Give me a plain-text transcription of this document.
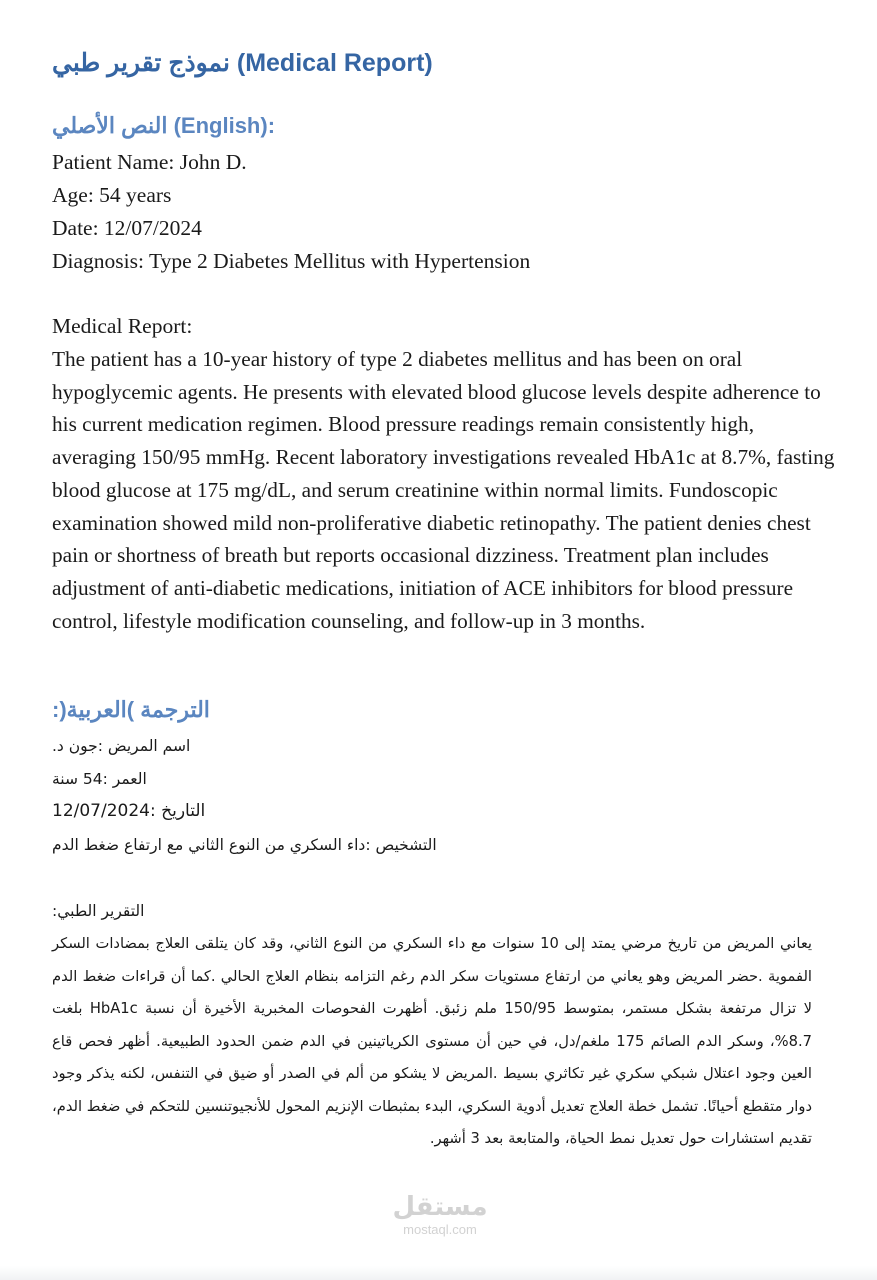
نموذج تقرير طبي (Medical Report)
النص الأصلي (English):

Patient Name: John D.

Age: 54 years

Date: 12/07/2024

Diagnosis: Type 2 Diabetes Mellitus with Hypertension

Medical Report:

The patient has a 10-year history of type 2 diabetes mellitus and has been on oral hypoglycemic agents. He presents with elevated blood glucose levels despite adherence to his current medication regimen. Blood pressure readings remain consistently high, averaging 150/95 mmHg. Recent laboratory investigations revealed HbA1c at 8.7%, fasting blood glucose at 175 mg/dL, and serum creatinine within normal limits. Fundoscopic examination showed mild non-proliferative diabetic retinopathy. The patient denies chest pain or shortness of breath but reports occasional dizziness. Treatment plan includes adjustment of anti-diabetic medications, initiation of ACE inhibitors for blood pressure control, lifestyle modification counseling, and follow-up in 3 months.

الترجمة )العربية(:

اسم المريض :جون د.

العمر :54 سنة

التاريخ :12/07/2024

التشخيص :داء السكري من النوع الثاني مع ارتفاع ضغط الدم

التقرير الطبي:

يعاني المريض من تاريخ مرضي يمتد إلى 10 سنوات مع داء السكري من النوع الثاني، وقد كان يتلقى العلاج بمضادات السكر الفموية .حضر المريض وهو يعاني من ارتفاع مستويات سكر الدم رغم التزامه بنظام العلاج الحالي .كما أن قراءات ضغط الدم لا تزال مرتفعة بشكل مستمر، بمتوسط 150/95 ملم زئبق. أظهرت الفحوصات المخبرية الأخيرة أن نسبة HbA1c بلغت 8.7%، وسكر الدم الصائم 175 ملغم/دل، في حين أن مستوى الكرياتينين في الدم ضمن الحدود الطبيعية. أظهر فحص قاع العين وجود اعتلال شبكي سكري غير تكاثري بسيط .المريض لا يشكو من ألم في الصدر أو ضيق في التنفس، لكنه يذكر وجود دوار متقطع أحيانًا. تشمل خطة العلاج تعديل أدوية السكري، البدء بمثبطات الإنزيم المحول للأنجيوتنسين للتحكم في ضغط الدم، تقديم استشارات حول تعديل نمط الحياة، والمتابعة بعد 3 أشهر.

مستقل
mostaql.com
